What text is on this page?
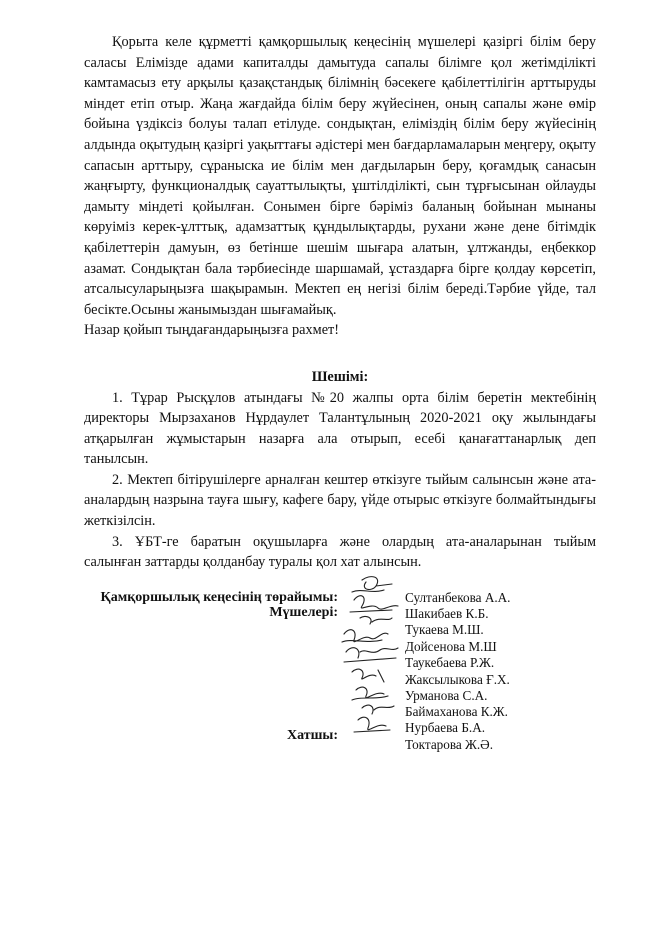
Қорыта келе құрметті қамқоршылық кеңесінің мүшелері қазіргі білім беру саласы Елімізде адами капиталды дамытуда сапалы білімге қол жетімділікті камтамасыз ету арқылы қазақстандық білімнің бәсекеге қабілеттілігін арттыруды міндет етіп отыр. Жаңа жағдайда білім беру жүйесінен, оның сапалы және өмір бойына үздіксіз болуы талап етілуде. сондықтан, еліміздің білім беру жүйесінің алдында оқытудың қазіргі уақыттағы әдістері мен бағдарламаларын меңгеру, оқыту сапасын арттыру, сұраныска ие білім мен дағдыларын беру, қоғамдық санасын жаңғырту, функционалдық сауаттылықты, ұштілдiлiктi, сын тұрғысынан ойлауды дамыту міндеті қойылған. Сонымен бірге бәріміз баланың бойынан мынаны көруіміз керек-ұлттық, адамзаттық құндылықтарды, рухани және дене бітімдік қабілеттерін дамуын, өз бетінше шешім шығара алатын, ұлтжанды, еңбеккор азамат. Сондықтан бала тәрбиесінде шаршамай, ұстаздарға бірге қолдау көрсетіп, атсалысуларыңызға шақырамын. Мектеп ең негізі білім береді.Тәрбие үйде, тал бесікте.Осыны жанымыздан шығамайық.

Назар қойып тыңдағандарыңызға рахмет!

Шешімі:

1. Тұрар Рысқұлов атындағы №20 жалпы орта білім беретін мектебінің директоры Мырзаханов Нұрдаулет Талантұлының 2020-2021 оқу жылындағы атқарылған жұмыстарын назарға ала отырып, есебі қанағаттанарлық деп танылсын.

2. Мектеп бітірушілерге арналған кештер өткізуге тыйым салынсын және ата-аналардың назрына тауға шығу, кафеге бару, үйде отырыс өткізуге болмайтындығы жеткізілсін.

3. ҰБТ-ге баратын оқушыларға және олардың ата-аналарынан тыйым салынған заттарды қолданбау туралы қол хат алынсын.

Қамқоршылық кеңесінің төрайымы:
Мүшелері:
Хатшы:
Султанбекова А.А.
Шакибаев К.Б.
Тукаева М.Ш.
Дойсенова М.Ш
Таукебаева Р.Ж.
Жаксылыкова Ғ.Х.
Урманова С.А.
Баймаханова К.Ж.
Нурбаева Б.А.
Токтарова Ж.Ә.
